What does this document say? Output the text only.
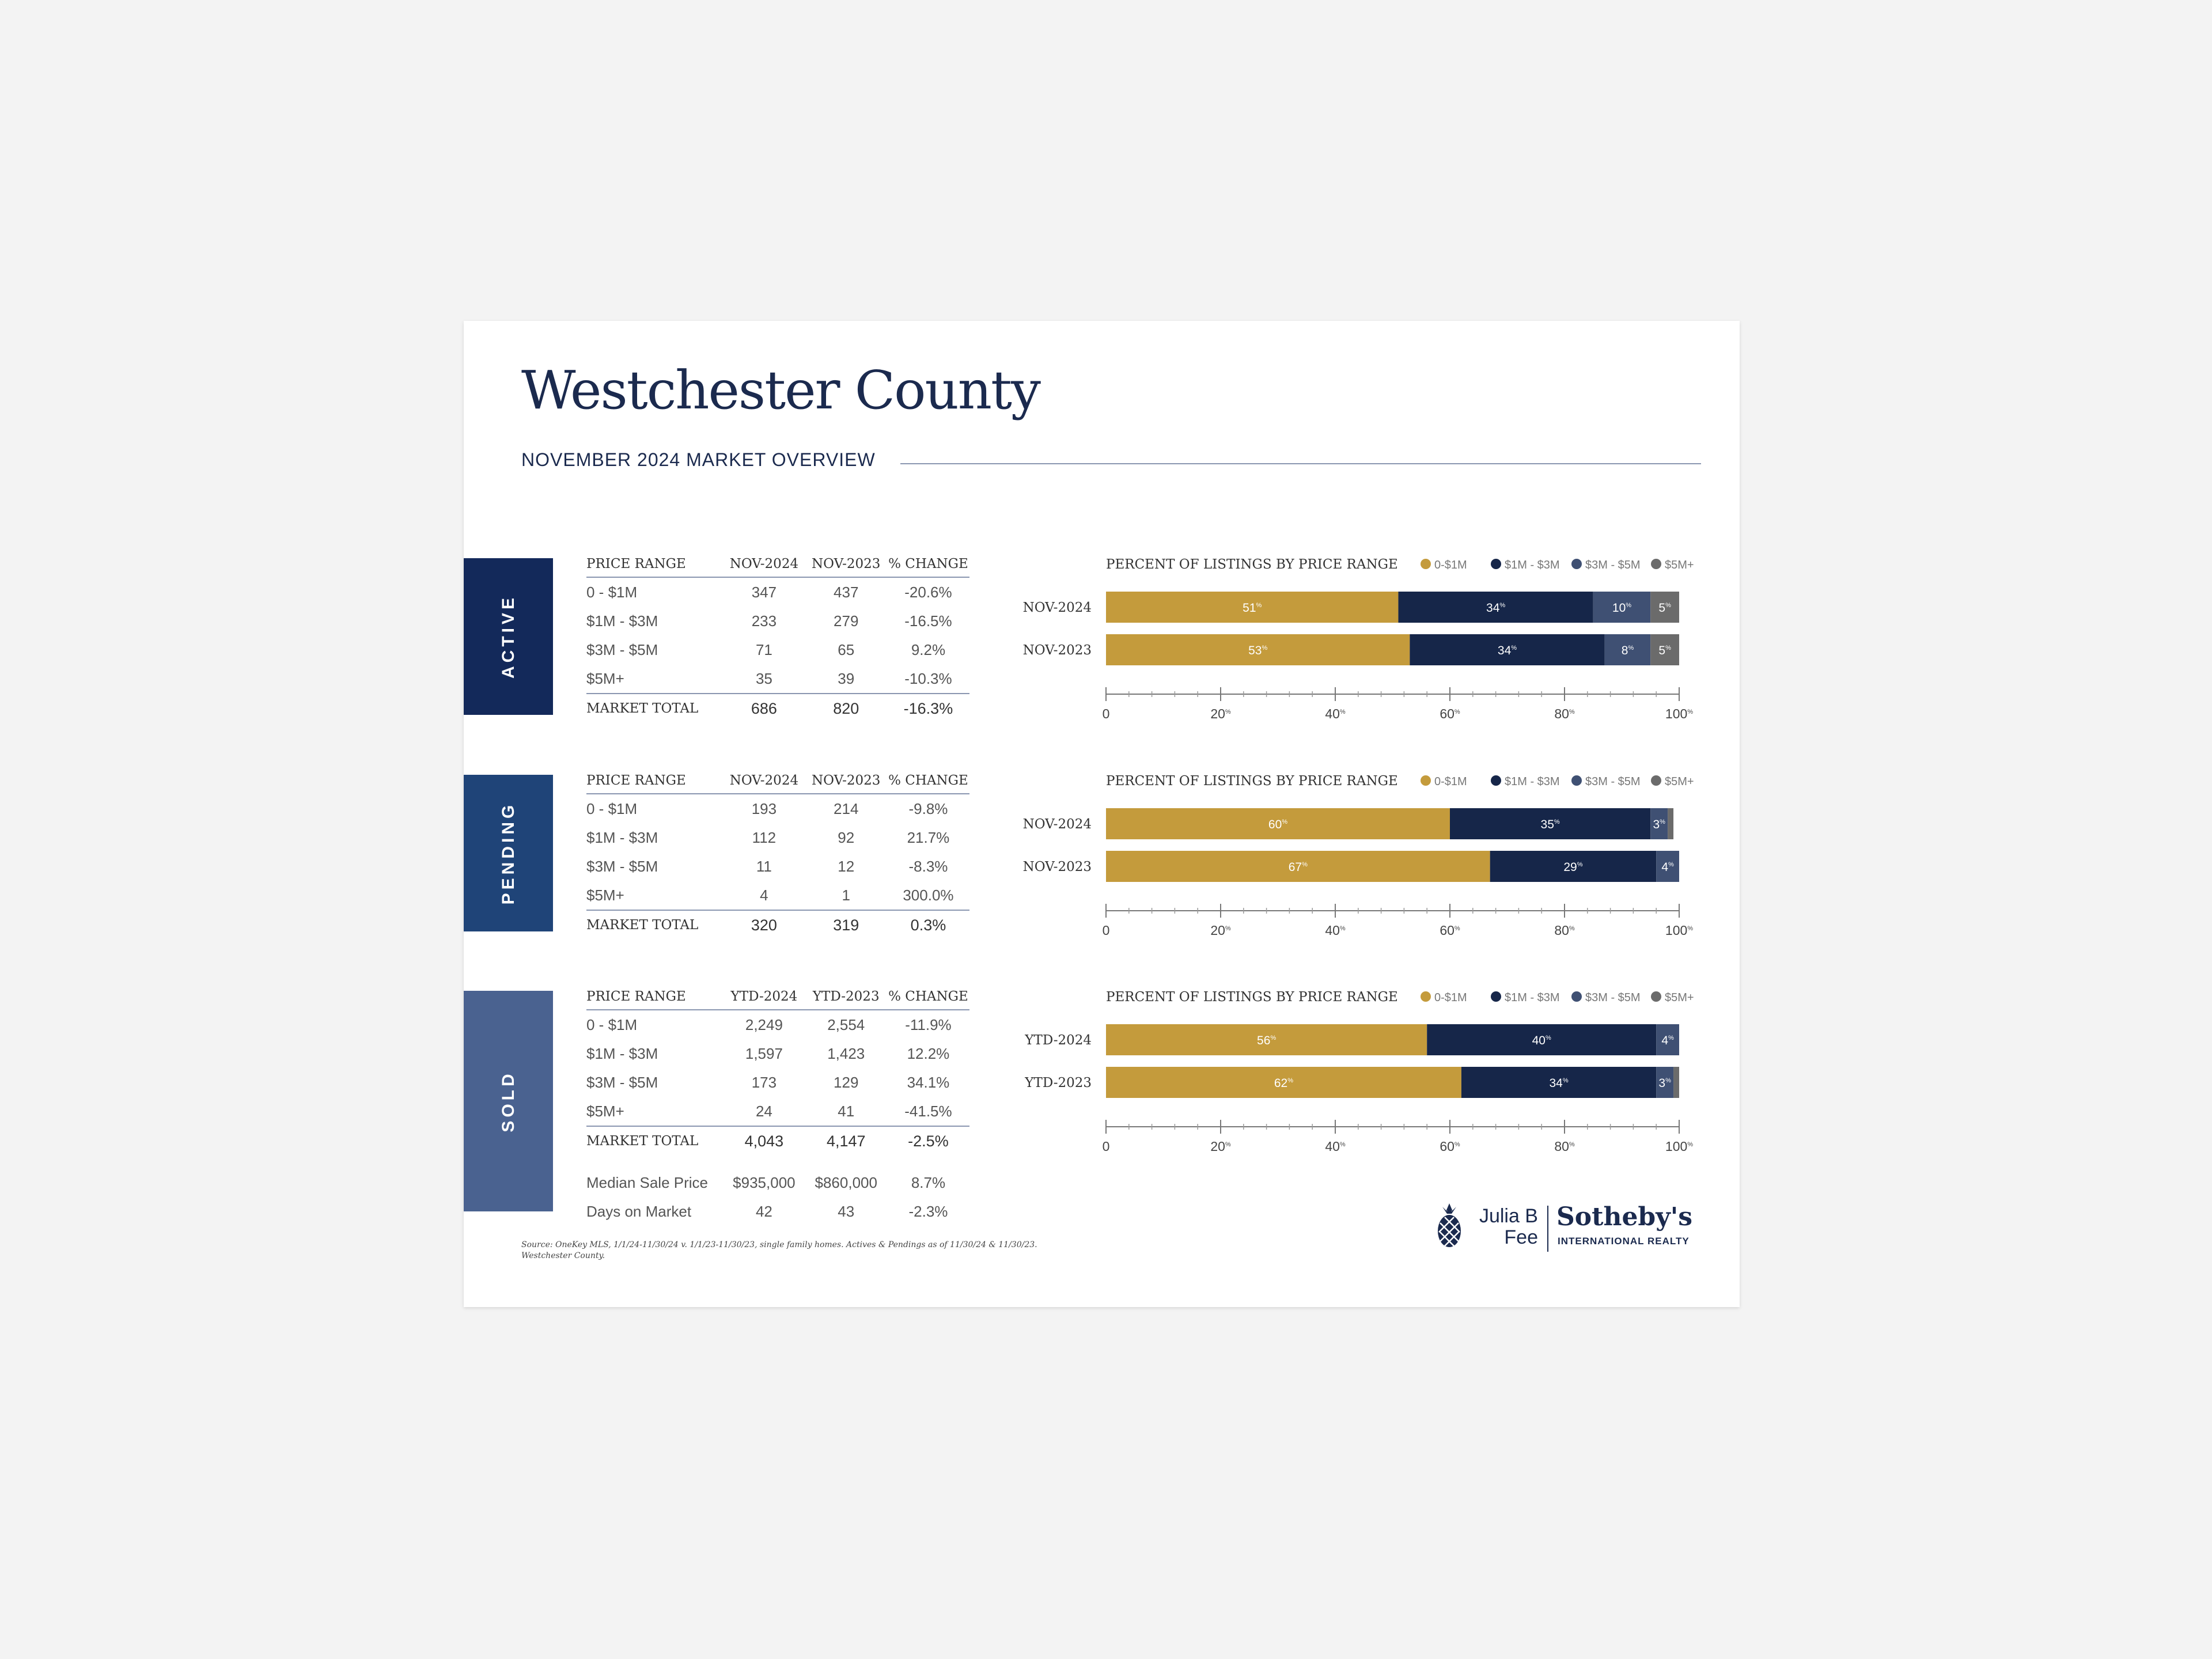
Westchester County
NOVEMBER 2024 MARKET OVERVIEW
ACTIVE
PENDING
SOLD
PRICE RANGE	NOV-2024	NOV-2023	% CHANGE
0 - $1M	347	437	-20.6%
$1M - $3M	233	279	-16.5%
$3M - $5M	71	65	9.2%
$5M+	35	39	-10.3%
MARKET TOTAL	686	820	-16.3%
PERCENT OF LISTINGS BY PRICE RANGE	0-$1M	$1M - $3M $3M - $5M $5M+
NOV-2024	51%	34%	10% 5%
NOV-2023	53%	34%	8% 5%
0	20%	40%	60%	80%	100%
PRICE RANGE	NOV-2024	NOV-2023	% CHANGE
0 - $1M	193	214	-9.8%
$1M - $3M	112	92	21.7%
$3M - $5M	11	12	-8.3%
$5M+	4	1	300.0%
MARKET TOTAL	320	319	0.3%
PERCENT OF LISTINGS BY PRICE RANGE	0-$1M	$1M - $3M $3M - $5M $5M+
NOV-2024	60%	35%	3%
NOV-2023	67%	29%	4%
0	20%	40%	60%	80%	100%
PRICE RANGE	YTD-2024	YTD-2023	% CHANGE
0 - $1M	2,249	2,554	-11.9%
$1M - $3M	1,597	1,423	12.2%
$3M - $5M	173	129	34.1%
$5M+	24	41	-41.5%
MARKET TOTAL	4,043	4,147	-2.5%

Median Sale Price	$935,000	$860,000	8.7%
Days on Market	42	43	-2.3%
PERCENT OF LISTINGS BY PRICE RANGE	0-$1M	$1M - $3M $3M - $5M $5M+
YTD-2024	56%	40%	4%
YTD-2023	62%	34%	3%
0	20%	40%	60%	80%	100%
Source: OneKey MLS, 1/1/24-11/30/24 v. 1/1/23-11/30/23, single family homes. Actives & Pendings as of 11/30/24 & 11/30/23. Westchester County.
Julia B
Fee
Sotheby's
INTERNATIONAL REALTY
